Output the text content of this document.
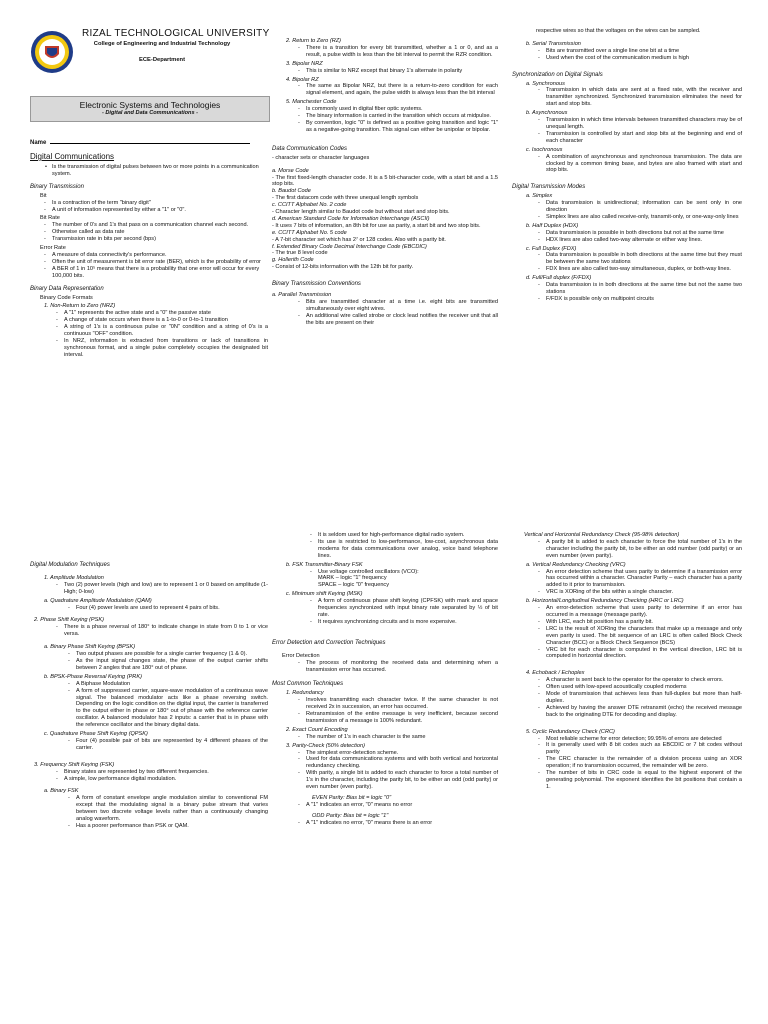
RIZAL TECHNOLOGICAL UNIVERSITY
College of Engineering and Industrial Technology
ECE-Department
Electronic Systems and Technologies
- Digital and Data Communications -
Name
Digital Communications
• Is the transmission of digital pulses between two or more points in a communication system.
Binary Transmission
Bit
- Is a contraction of the term "binary digit"
- A unit of information represented by either a "1" or "0".
Bit Rate
- The number of 0's and 1's that pass on a communication channel each second.
- Otherwise called as data rate
- Transmission rate in bits per second (bps)
Error Rate
- A measure of data connectivity's performance.
- Often the unit of measurement is bit error rate (BER), which is the probability of error
- A BER of 1 in 10⁵ means that there is a probability that one error will occur for every 100,000 bits.
Binary Data Representation
Binary Code Formats
1. Non-Return to Zero (NRZ)
- A "1" represents the active state and a "0" the passive state
- A change of state occurs when there is a 1-to-0 or 0-to-1 transition
- A string of 1's is a continuous pulse or "0N" condition and a string of 0's is a continuous "OFF" condition.
- In NRZ, information is extracted from transitions or lack of transitions in synchronous format, and a single pulse completely occupies the designated bit interval.
2. Return to Zero (RZ)
- There is a transition for every bit transmitted, whether a 1 or 0, and as a result, a pulse width is less than the bit interval to permit the RZR condition.
3. Bipolar NRZ
- This is similar to NRZ except that binary 1's alternate in polarity
4. Bipolar RZ
- The same as Bipolar NRZ, but there is a return-to-zero condition for each signal element, and again, the pulse width is always less than the bit interval
5. Manchester Code
- Is commonly used in digital fiber optic systems.
- The binary information is carried in the transition which occurs at midpulse.
- By convention, logic "0" is defined as a positive going transition and logic "1" as a negative-going transition. This signal can either be unipolar or bipolar.
Data Communication Codes

- character sets or character languages

a. Morse Code

- The first fixed-length character code. It is a 5 bit-character code, with a start bit and a 1.5 stop bits.

b. Baudot Code

- The first datacom code with three unequal length symbols

c. CCITT Alphabet No. 2 code

- Character length similar to Baudot code but without start and stop bits.

d. American Standard Code for Information Interchange (ASCII)

- It uses 7 bits of information, an 8th bit for use as parity, a start bit and two stop bits.

e. CCITT Alphabet No. 5 code

- A 7-bit character set which has 2⁷ or 128 codes. Also with a parity bit.

f. Extended Binary Code Decimal Interchange Code (EBCDIC)

- The true 8 level code

g. Hollerith Code

- Consist of 12-bits information with the 12th bit for parity.

Binary Transmission Conventions

a. Parallel Transmission

- Bits are transmitted character at a time i.e. eight bits are transmitted simultaneously over eight wires.
- An additional wire called strobe or clock lead notifies the receiver unit that all the bits are present on their

respective wires so that the voltages on the wires can be sampled.

b. Serial Transmission
- Bits are transmitted over a single line one bit at a time
- Used when the cost of the communication medium is high
Synchronization on Digital Signals
a. Synchronous
- Transmission in which data are sent at a fixed rate, with the receiver and transmitter synchronized. Synchronized transmission eliminates the need for start and stop bits.
b. Asynchronous
- Transmission in which time intervals between transmitted characters may be of unequal length.
- Transmission is controlled by start and stop bits at the beginning and end of each character
c. Isochronous
- A combination of asynchronous and synchronous transmission. The data are clocked by a common timing base, and bytes are also framed with start and stop bits.
Digital Transmission Modes
a. Simplex
- Data transmission is unidirectional; information can be sent only in one direction
- Simplex lines are also called receive-only, transmit-only, or one-way-only lines
b. Half Duplex (HDX)
- Data transmission is possible in both directions but not at the same time
- HDX lines are also called two-way alternate or either way lines.
c. Full Duplex (FDX)
- Data transmission is possible in both directions at the same time but they must be between the same two stations
- FDX lines are also called two-way simultaneous, duplex, or both-way lines.
d. Full/Full duplex (F/FDX)
- Data transmission is in both directions at the same time but not the same two stations
- F/FDX is possible only on multipoint circuits
Digital Modulation Techniques
1. Amplitude Modulation
- Two (2) power levels (high and low) are to represent 1 or 0 based on amplitude (1-High; 0-low)
a. Quadrature Amplitude Modulation (QAM)
- Four (4) power levels are used to represent 4 pairs of bits.
2. Phase Shift Keying (PSK)
- There is a phase reversal of 180° to indicate change in state from 0 to 1 or vice versa.
a. Binary Phase Shift Keying (BPSK)
- Two output phases are possible for a single carrier frequency (1 & 0).
- As the input signal changes state, the phase of the output carrier shifts between 2 angles that are 180° out of phase.
b. BPSK-Phase Reversal Keying (PRK)
- A Biphase Modulation
- A form of suppressed carrier, square-wave modulation of a continuous wave signal. The balanced modulator acts like a phase reversing switch. Depending on the logic condition on the digital input, the carrier is transferred to the output either in phase or 180° out of phase with the reference carrier oscillator. A balanced modulator has 2 inputs: a carrier that is in phase with the reference oscillator and the binary digital data.
c. Quadrature Phase Shift Keying (QPSK)
- Four (4) possible pair of bits are represented by 4 different phases of the carrier.
3. Frequency Shift Keying (FSK)
- Binary states are represented by two different frequencies.
- A simple, low performance digital modulation.
a. Binary FSK
- A form of constant envelope angle modulation similar to conventional FM except that the modulating signal is a binary pulse stream that varies between two discrete voltage levels rather than a continuously changing analog waveform.
- Has a poorer performance than PSK or QAM.
- It is seldom used for high-performance digital radio system.
- Its use is restricted to low-performance, low-cost, asynchronous data modems for data communications over analog, voice band telephone lines.
b. FSK Transmitter-Binary FSK
- Use voltage controlled oscillators (VCO):

MARK – logic "1" frequency

SPACE – logic "0" frequency

c. Minimum shift Keying (MSK)
- A form of continuous phase shift keying (CPFSK) with mark and space frequencies synchronized with input binary rate separated by ½ of bit rate.
- It requires synchronizing circuits and is more expensive.
Error Detection and Correction Techniques
Error Detection
- The process of monitoring the received data and determining when a transmission error has occurred.
Most Common Techniques
1. Redundancy
- Involves transmitting each character twice. If the same character is not received 2x in succession, an error has occurred.
- Retransmission of the entire message is very inefficient, because second transmission of a message is 100% redundant.
2. Exact Count Encoding
- The number of 1's in each character is the same
3. Parity-Check (50% detection)
- The simplest error-detection scheme.
- Used for data communications systems and with both vertical and horizontal redundancy checking.
- With parity, a single bit is added to each character to force a total number of 1's in the character, including the parity bit, to be either an odd (odd parity) or even number (even parity).

EVEN Parity: Bias bit = logic "0"

- A "1" indicates an error, "0" means no error

ODD Parity: Bias bit = logic "1"

- A "1" indicates no error, "0" means there is an error

Vertical and Horizontal Redundancy Check (95-98% detection)

- A parity bit is added to each character to force the total number of 1's in the character including the parity bit, to be either an odd number (odd parity) or an even number (even parity).
a. Vertical Redundancy Checking (VRC)
- An error detection scheme that uses parity to determine if a transmission error has occurred within a character. Character Parity – each character has a parity added to it prior to transmission.
- VRC is XORing of the bits within a single character.
b. Horizontal/Longitudinal Redundancy Checking (HRC or LRC)
- An error-detection scheme that uses parity to determine if an error has occurred in a message (message parity).
- With LRC, each bit position has a parity bit.
- LRC is the result of XORing the characters that make up a message and only even parity is used. The bit sequence of an LRC is often called Block Check Character (BCC) or a Block Check Sequence (BCS)
- VRC bit for each character is computed in the vertical direction, LRC bit is computed in horizontal direction.
4. Echoback / Echoplex
- A character is sent back to the operator for the operator to check errors.
- Often used with low-speed acoustically coupled modems
- Mode of transmission that achieves less than full-duplex but more than half-duplex.
- Achieved by having the answer DTE retransmit (echo) the received message back to the originating DTE for decoding and display.
5. Cyclic Redundancy Check (CRC)
- Most reliable scheme for error detection; 99.95% of errors are detected
- It is generally used with 8 bit codes such as EBCDIC or 7 bit codes without parity
- The CRC character is the remainder of a division process using an XOR operation; if no transmission occurred, the remainder will be zero.
- The number of bits in CRC code is equal to the highest exponent of the generating polynomial. The exponent identifies the bit positions that contain a 1.
